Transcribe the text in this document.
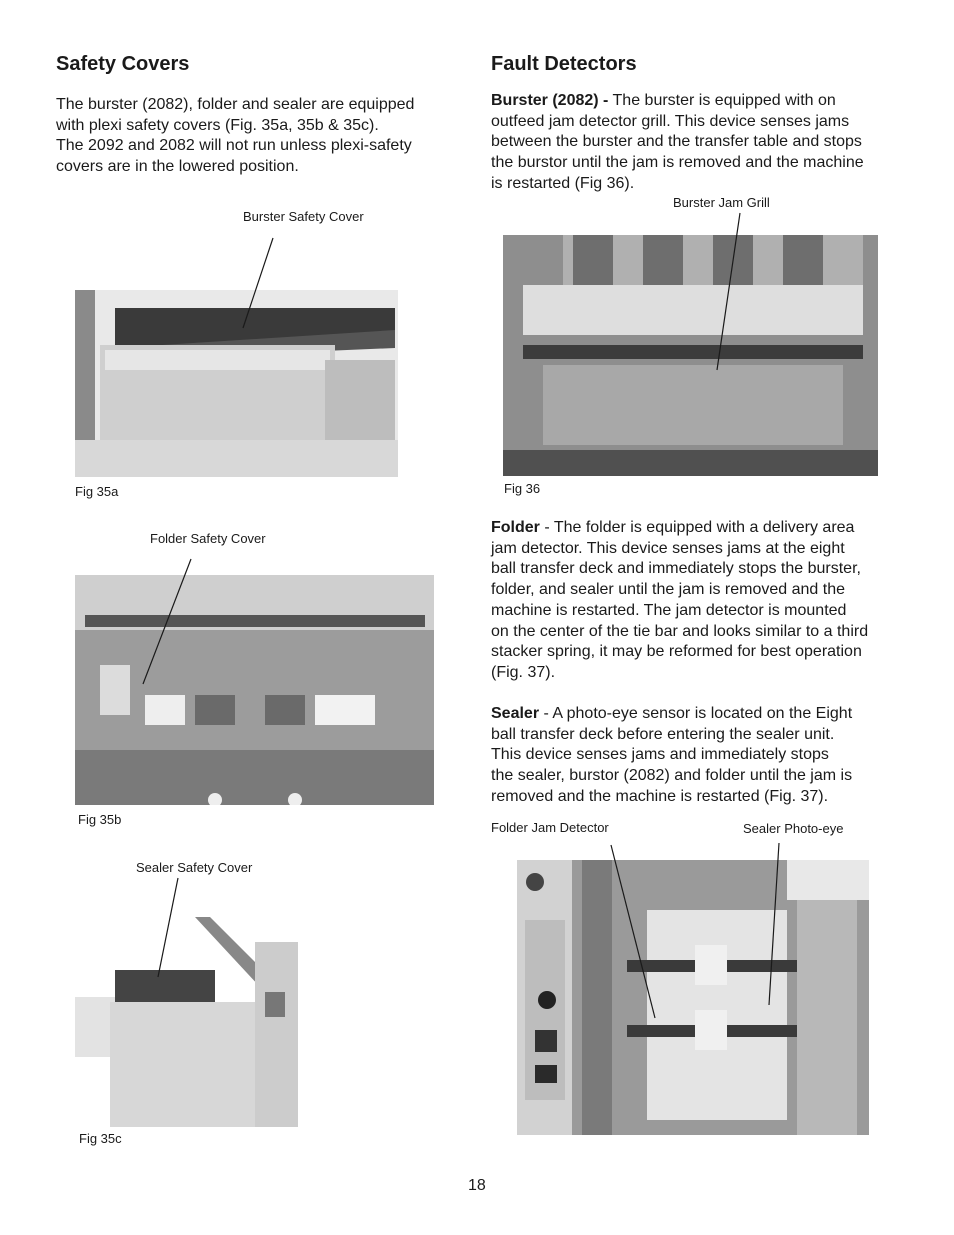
Safety Covers
The burster (2082), folder and sealer are equipped
with plexi safety covers (Fig. 35a, 35b & 35c).
The 2092 and 2082 will not run unless plexi-safety
covers are in the lowered position.
Burster Safety Cover
Fig 35a
Folder Safety Cover
Fig 35b
Sealer Safety Cover
Fig 35c
Fault Detectors
Burster (2082) - The burster is equipped with on
outfeed jam detector grill. This device senses jams
between the burster and the transfer table and stops
the burstor until the jam is removed and the machine
is restarted (Fig 36).
Burster Jam Grill
Fig 36
Folder - The folder is equipped with a delivery area
jam detector. This device senses jams at the eight
ball transfer deck and immediately stops the burster,
folder, and sealer until the jam is removed and the
machine is restarted. The jam detector is mounted
on the center of the tie bar and looks similar to a third
stacker spring, it may be reformed for best operation
(Fig. 37).
Sealer - A photo-eye sensor is located on the Eight
ball transfer deck before entering the sealer unit.
This device senses jams and immediately stops
the sealer, burstor (2082) and folder until the jam is
removed and the machine is restarted (Fig. 37).
Folder Jam Detector	Sealer Photo-eye
18
